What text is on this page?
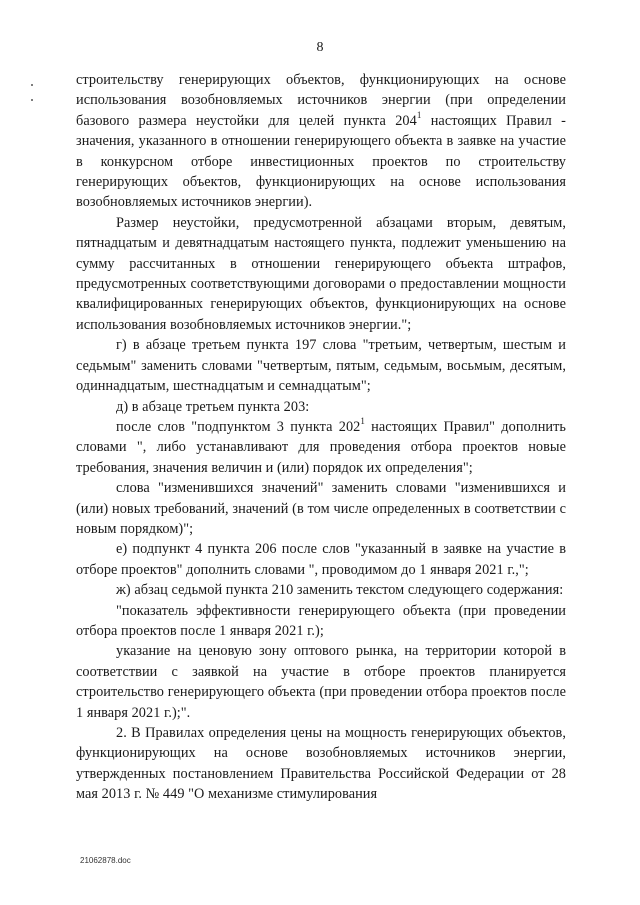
8

строительству генерирующих объектов, функционирующих на основе использования возобновляемых источников энергии (при определении базового размера неустойки для целей пункта $204^1$ настоящих Правил - значения, указанного в отношении генерирующего объекта в заявке на участие в конкурсном отборе инвестиционных проектов по строительству генерирующих объектов, функционирующих на основе использования возобновляемых источников энергии).

Размер неустойки, предусмотренной абзацами вторым, девятым, пятнадцатым и девятнадцатым настоящего пункта, подлежит уменьшению на сумму рассчитанных в отношении генерирующего объекта штрафов, предусмотренных соответствующими договорами о предоставлении мощности квалифицированных генерирующих объектов, функционирующих на основе использования возобновляемых источников энергии.";

г) в абзаце третьем пункта 197 слова "третьим, четвертым, шестым и седьмым" заменить словами "четвертым, пятым, седьмым, восьмым, десятым, одиннадцатым, шестнадцатым и семнадцатым";

д) в абзаце третьем пункта 203:

после слов "подпунктом 3 пункта $202^1$ настоящих Правил" дополнить словами ", либо устанавливают для проведения отбора проектов новые требования, значения величин и (или) порядок их определения";

слова "изменившихся значений" заменить словами "изменившихся и (или) новых требований, значений (в том числе определенных в соответствии с новым порядком)";

е) подпункт 4 пункта 206 после слов "указанный в заявке на участие в отборе проектов" дополнить словами ", проводимом до 1 января 2021 г.,";

ж) абзац седьмой пункта 210 заменить текстом следующего содержания:

"показатель эффективности генерирующего объекта (при проведении отбора проектов после 1 января 2021 г.);

указание на ценовую зону оптового рынка, на территории которой в соответствии с заявкой на участие в отборе проектов планируется строительство генерирующего объекта (при проведении отбора проектов после 1 января 2021 г.);".

2. В Правилах определения цены на мощность генерирующих объектов, функционирующих на основе возобновляемых источников энергии, утвержденных постановлением Правительства Российской Федерации от 28 мая 2013 г. № 449 "О механизме стимулирования

21062878.doc
